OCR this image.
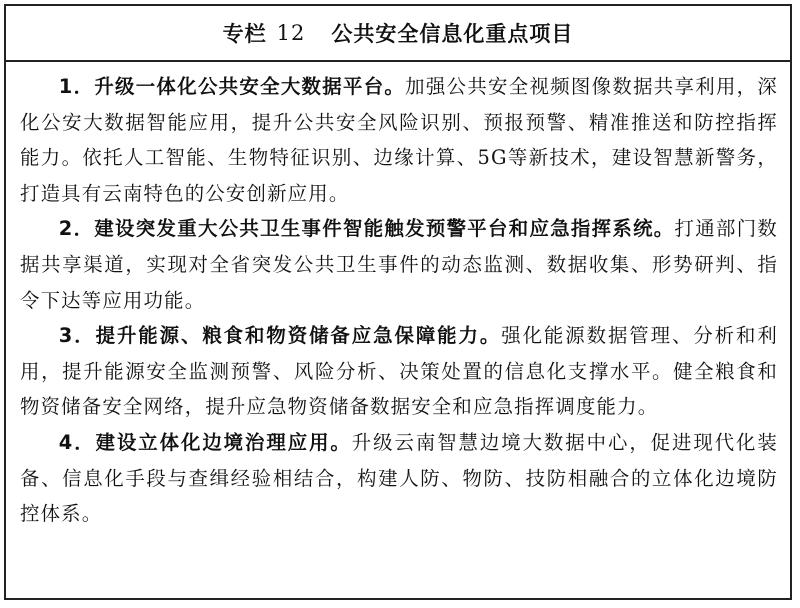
专栏 12 公共安全信息化重点项目

1．升级一体化公共安全大数据平台。加强公共安全视频图像数据共享利用，深化公安大数据智能应用，提升公共安全风险识别、预报预警、精准推送和防控指挥能力。依托人工智能、生物特征识别、边缘计算、5G等新技术，建设智慧新警务，打造具有云南特色的公安创新应用。

2．建设突发重大公共卫生事件智能触发预警平台和应急指挥系统。打通部门数据共享渠道，实现对全省突发公共卫生事件的动态监测、数据收集、形势研判、指令下达等应用功能。

3．提升能源、粮食和物资储备应急保障能力。强化能源数据管理、分析和利用，提升能源安全监测预警、风险分析、决策处置的信息化支撑水平。健全粮食和物资储备安全网络，提升应急物资储备数据安全和应急指挥调度能力。

4．建设立体化边境治理应用。升级云南智慧边境大数据中心，促进现代化装备、信息化手段与查缉经验相结合，构建人防、物防、技防相融合的立体化边境防控体系。
